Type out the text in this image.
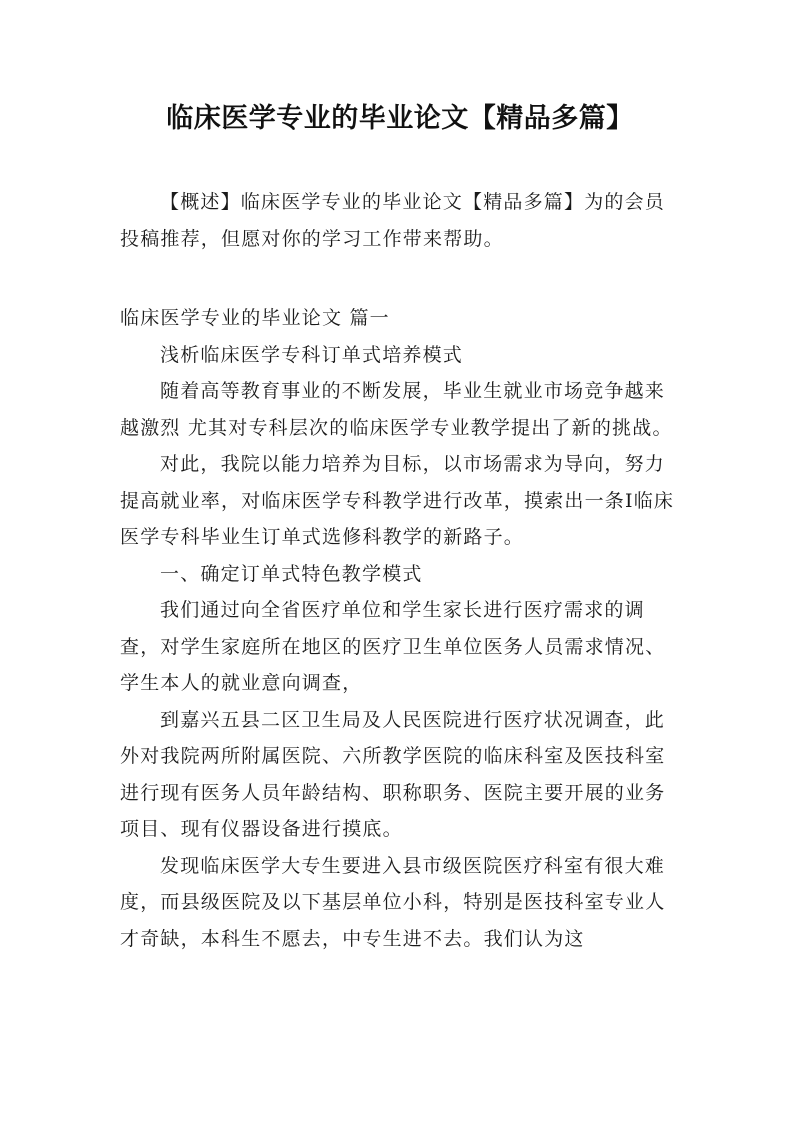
临床医学专业的毕业论文【精品多篇】

【概述】临床医学专业的毕业论文【精品多篇】为的会员投稿推荐，但愿对你的学习工作带来帮助。

临床医学专业的毕业论文 篇一

浅析临床医学专科订单式培养模式

随着高等教育事业的不断发展，毕业生就业市场竞争越来越激烈 尤其对专科层次的临床医学专业教学提出了新的挑战。

对此，我院以能力培养为目标，以市场需求为导向，努力提高就业率，对临床医学专科教学进行改革，摸索出一条I临床医学专科毕业生订单式选修科教学的新路子。

一、确定订单式特色教学模式

我们通过向全省医疗单位和学生家长进行医疗需求的调查，对学生家庭所在地区的医疗卫生单位医务人员需求情况、学生本人的就业意向调查，

到嘉兴五县二区卫生局及人民医院进行医疗状况调查，此外对我院两所附属医院、六所教学医院的临床科室及医技科室进行现有医务人员年龄结构、职称职务、医院主要开展的业务项目、现有仪器设备进行摸底。

发现临床医学大专生要进入县市级医院医疗科室有很大难度，而县级医院及以下基层单位小科，特别是医技科室专业人才奇缺，本科生不愿去，中专生进不去。我们认为这
